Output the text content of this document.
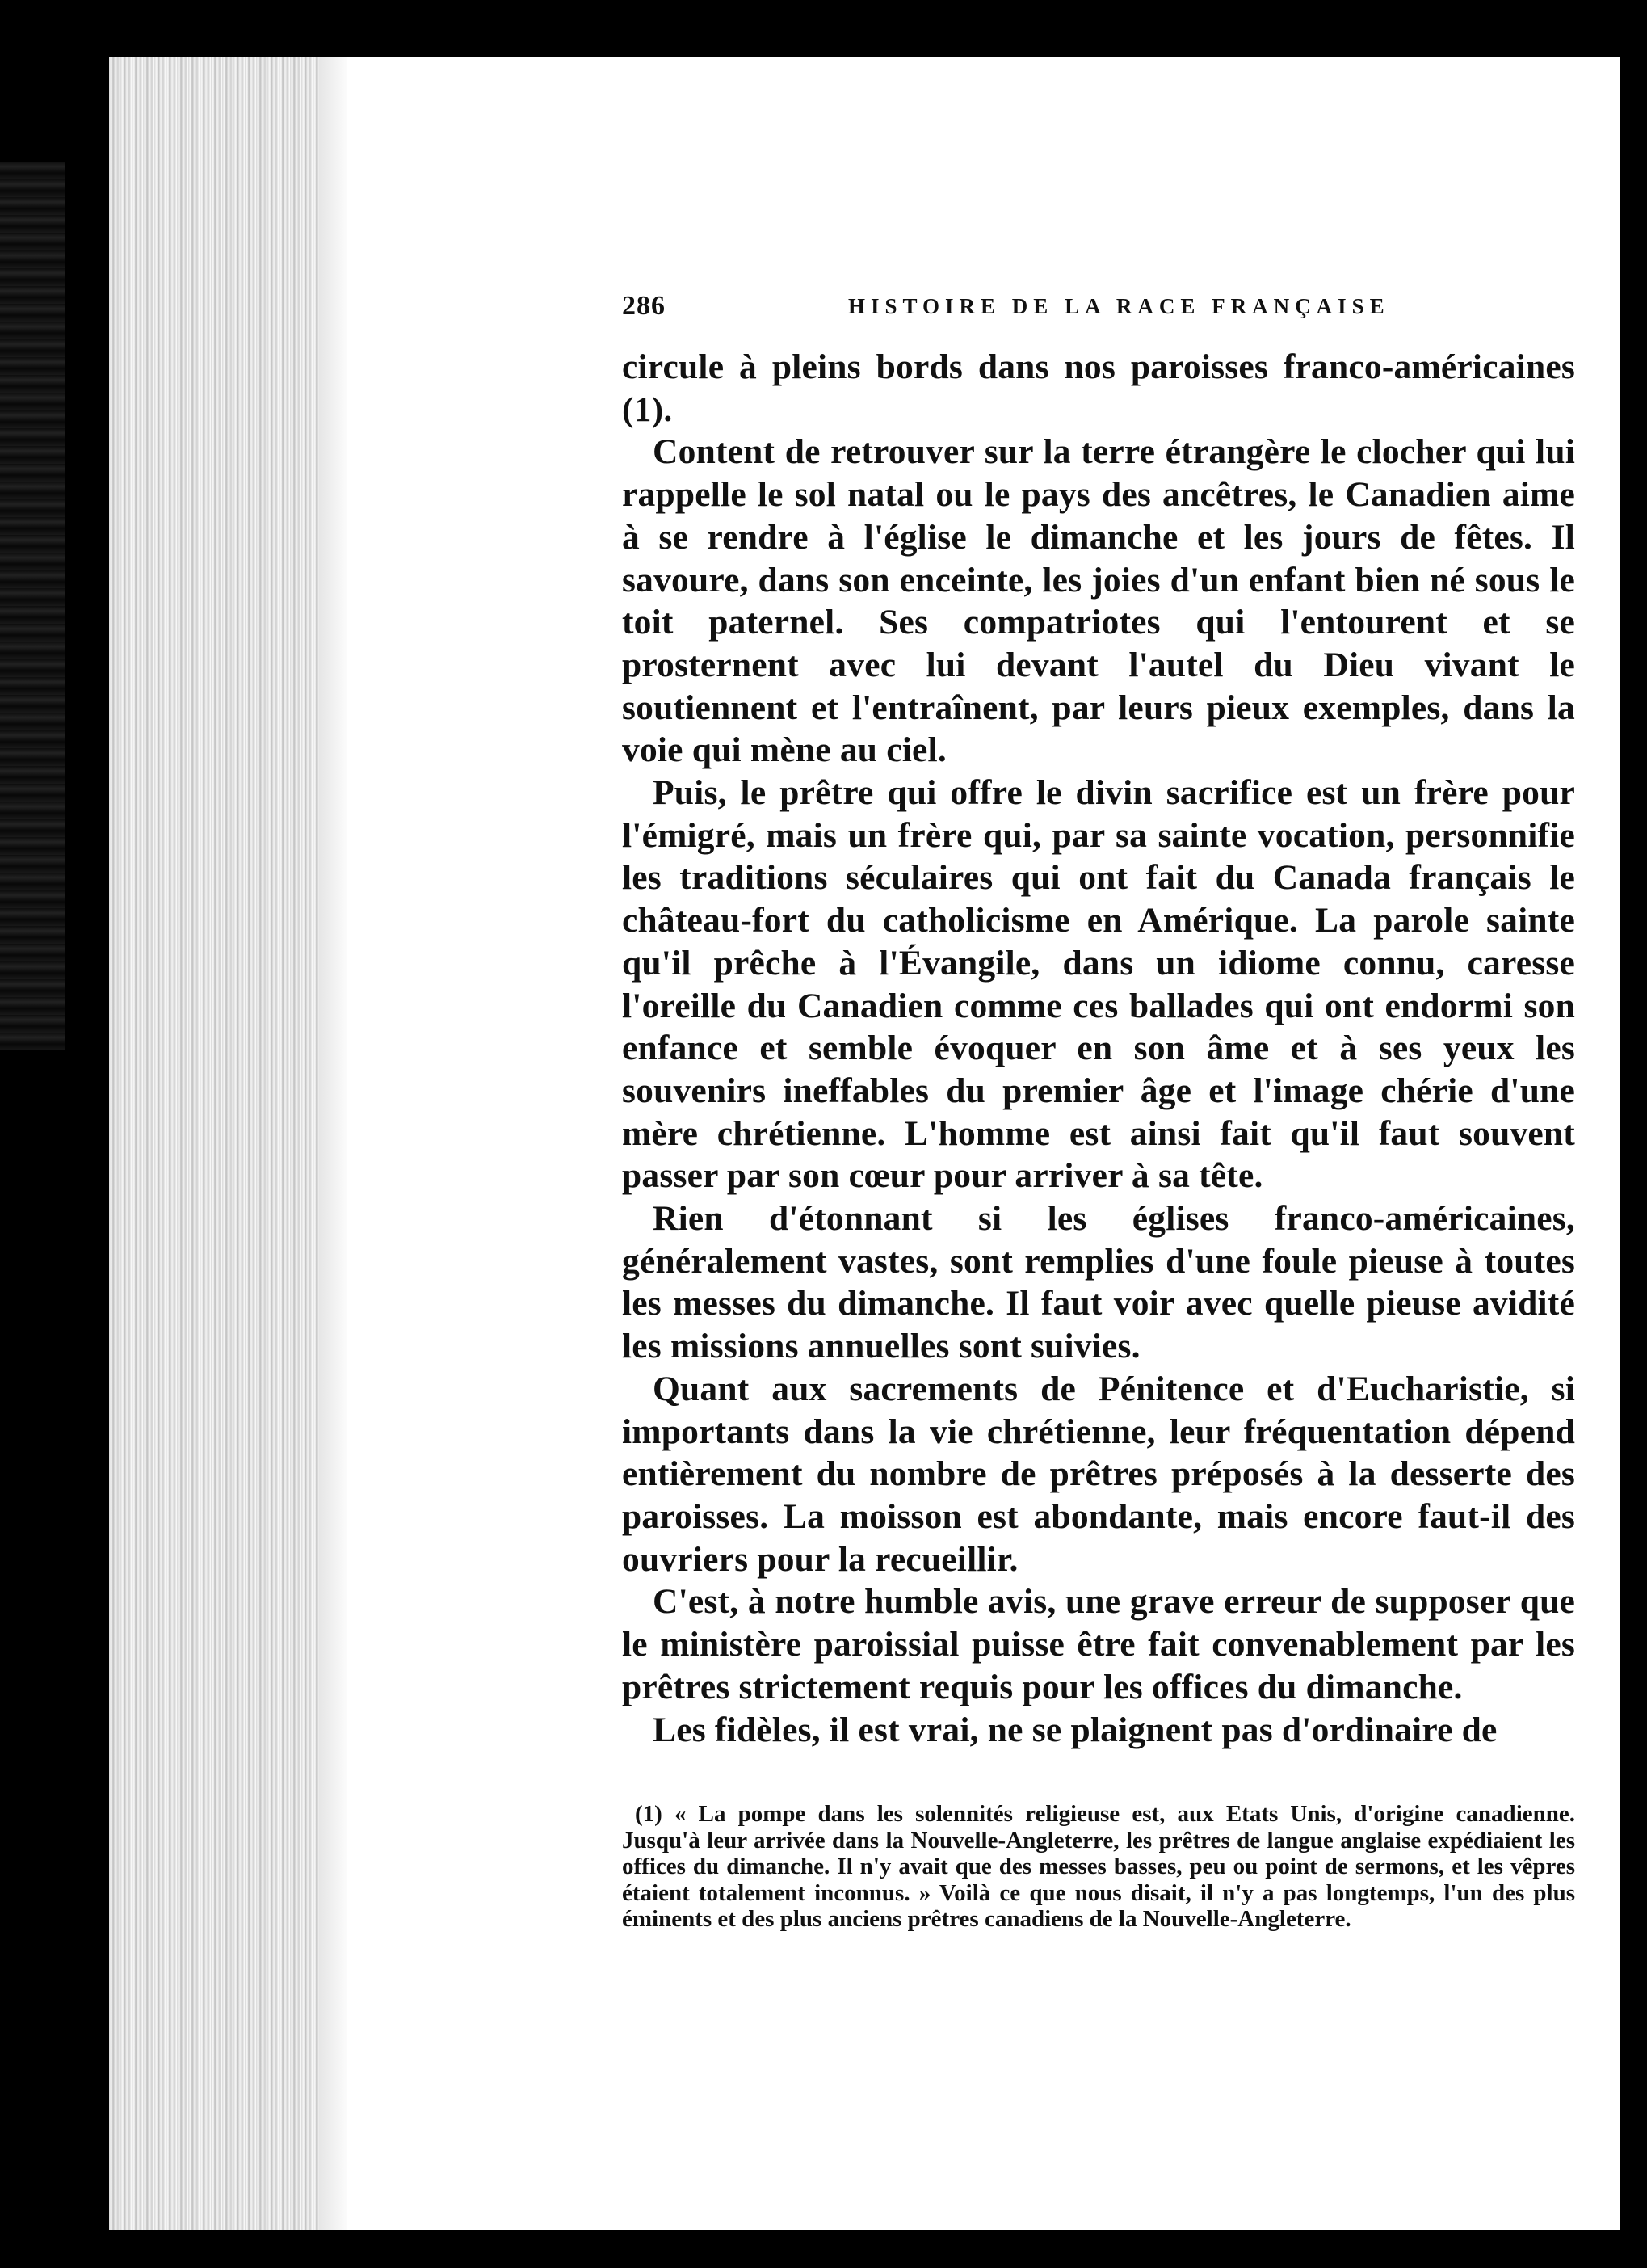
286	HISTOIRE DE LA RACE FRANÇAISE

circule à pleins bords dans nos paroisses franco-américaines (1).

Content de retrouver sur la terre étrangère le clocher qui lui rappelle le sol natal ou le pays des ancêtres, le Canadien aime à se rendre à l'église le dimanche et les jours de fêtes. Il savoure, dans son enceinte, les joies d'un enfant bien né sous le toit paternel. Ses compatriotes qui l'entourent et se prosternent avec lui devant l'autel du Dieu vivant le soutiennent et l'entraînent, par leurs pieux exemples, dans la voie qui mène au ciel.

Puis, le prêtre qui offre le divin sacrifice est un frère pour l'émigré, mais un frère qui, par sa sainte vocation, personnifie les traditions séculaires qui ont fait du Canada français le château-fort du catholicisme en Amérique. La parole sainte qu'il prêche à l'Évangile, dans un idiome connu, caresse l'oreille du Canadien comme ces ballades qui ont endormi son enfance et semble évoquer en son âme et à ses yeux les souvenirs ineffables du premier âge et l'image chérie d'une mère chrétienne. L'homme est ainsi fait qu'il faut souvent passer par son cœur pour arriver à sa tête.

Rien d'étonnant si les églises franco-américaines, généralement vastes, sont remplies d'une foule pieuse à toutes les messes du dimanche. Il faut voir avec quelle pieuse avidité les missions annuelles sont suivies.

Quant aux sacrements de Pénitence et d'Eucharistie, si importants dans la vie chrétienne, leur fréquentation dépend entièrement du nombre de prêtres préposés à la desserte des paroisses. La moisson est abondante, mais encore faut-il des ouvriers pour la recueillir.

C'est, à notre humble avis, une grave erreur de supposer que le ministère paroissial puisse être fait convenablement par les prêtres strictement requis pour les offices du dimanche.

Les fidèles, il est vrai, ne se plaignent pas d'ordinaire de

(1) « La pompe dans les solennités religieuse est, aux Etats Unis, d'origine canadienne. Jusqu'à leur arrivée dans la Nouvelle-Angleterre, les prêtres de langue anglaise expédiaient les offices du dimanche. Il n'y avait que des messes basses, peu ou point de sermons, et les vêpres étaient totalement inconnus. » Voilà ce que nous disait, il n'y a pas longtemps, l'un des plus éminents et des plus anciens prêtres canadiens de la Nouvelle-Angleterre.
